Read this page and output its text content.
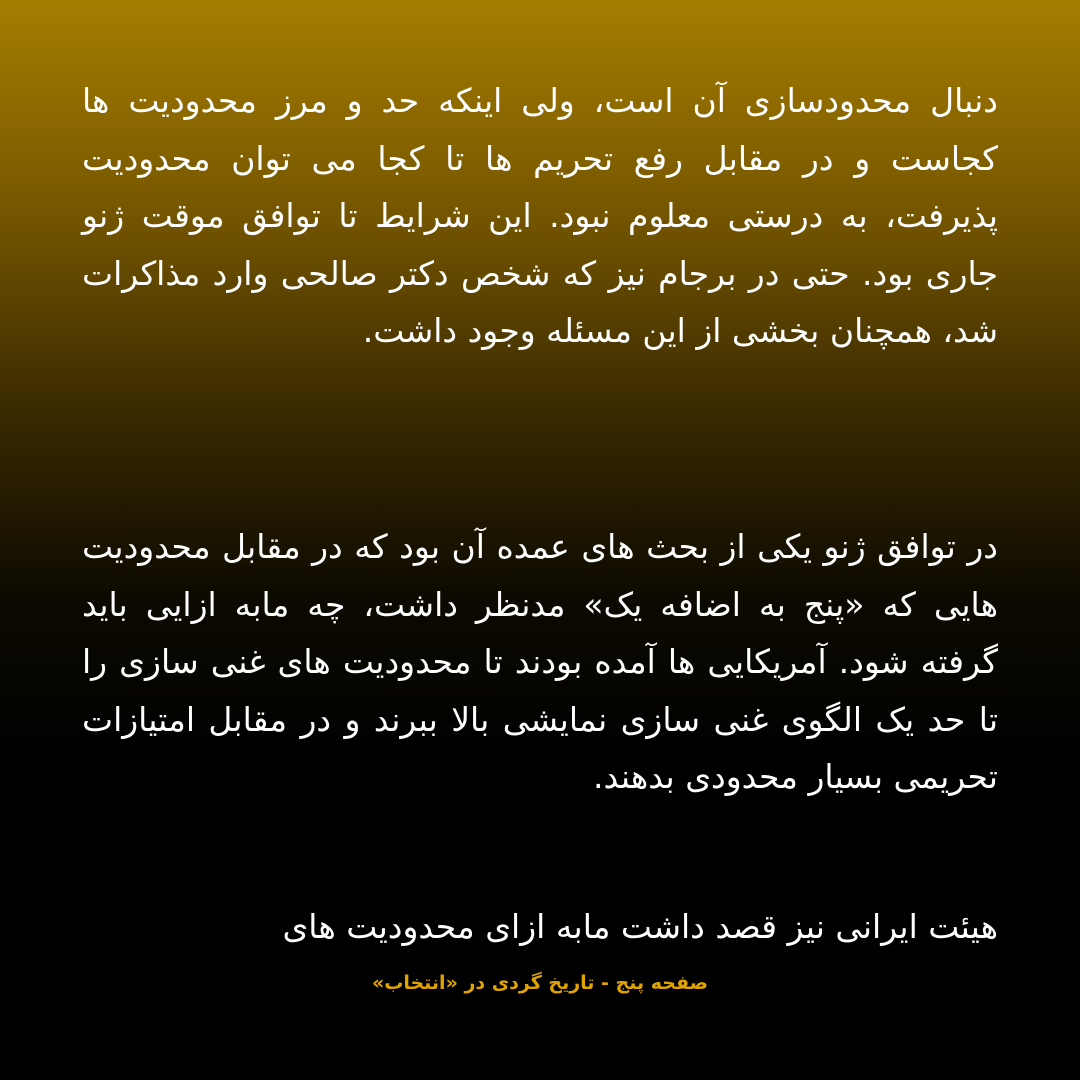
دنبال محدودسازی آن است، ولی اینکه حد و مرز محدودیت ها کجاست و در مقابل رفع تحریم ها تا کجا می توان محدودیت پذیرفت، به درستی معلوم نبود. این شرایط تا توافق موقت ژنو جاری بود. حتی در برجام نیز که شخص دکتر صالحی وارد مذاکرات شد، همچنان بخشی از این مسئله وجود داشت.

در توافق ژنو یکی از بحث های عمده آن بود که در مقابل محدودیت هایی که «پنج به اضافه یک» مدنظر داشت، چه مابه ازایی باید گرفته شود. آمریکایی ها آمده بودند تا محدودیت های غنی سازی را تا حد یک الگوی غنی سازی نمایشی بالا ببرند و در مقابل امتیازات تحریمی بسیار محدودی بدهند.

هیئت ایرانی نیز قصد داشت مابه ازای محدودیت های

صفحه پنج - تاریخ گردی در «انتخاب»
